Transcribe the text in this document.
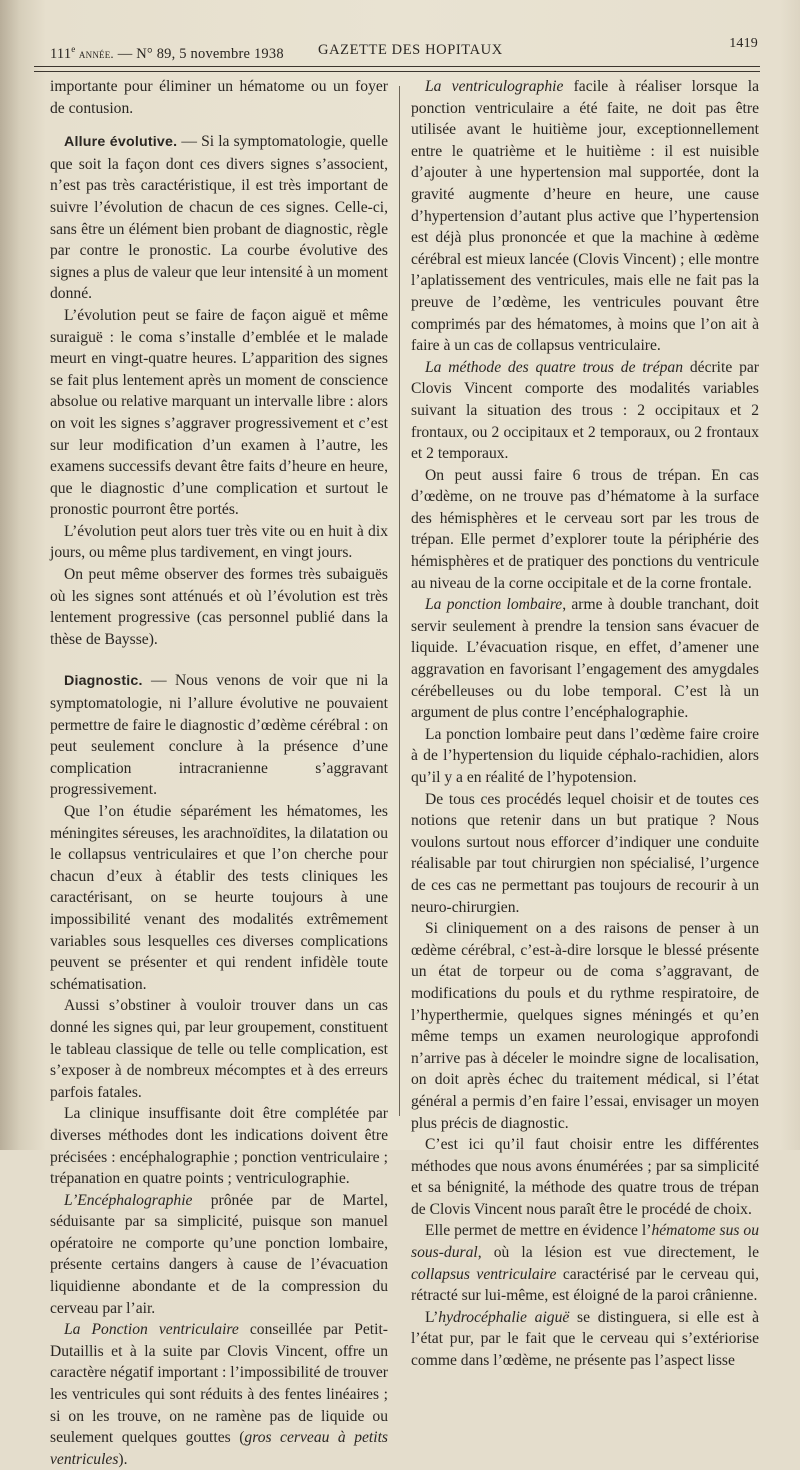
111e année. — N° 89, 5 novembre 1938 GAZETTE DES HOPITAUX	1419

importante pour éliminer un hématome ou un foyer de contusion.

Allure évolutive. — Si la symptomatologie, quelle que soit la façon dont ces divers signes s’associent, n’est pas très caractéristique, il est très important de suivre l’évolution de chacun de ces signes. Celle-ci, sans être un élément bien probant de diagnostic, règle par contre le pronostic. La courbe évolutive des signes a plus de valeur que leur intensité à un moment donné.

L’évolution peut se faire de façon aiguë et même suraiguë : le coma s’installe d’emblée et le malade meurt en vingt-quatre heures. L’apparition des signes se fait plus lentement après un moment de conscience absolue ou relative marquant un intervalle libre : alors on voit les signes s’aggraver progressivement et c’est sur leur modification d’un examen à l’autre, les examens successifs devant être faits d’heure en heure, que le diagnostic d’une complication et surtout le pronostic pourront être portés.

L’évolution peut alors tuer très vite ou en huit à dix jours, ou même plus tardivement, en vingt jours.

On peut même observer des formes très subaiguës où les signes sont atténués et où l’évolution est très lentement progressive (cas personnel publié dans la thèse de Baysse).

Diagnostic. — Nous venons de voir que ni la symptomatologie, ni l’allure évolutive ne pouvaient permettre de faire le diagnostic d’œdème cérébral : on peut seulement conclure à la présence d’une complication intracranienne s’aggravant progressivement.

Que l’on étudie séparément les hématomes, les méningites séreuses, les arachnoïdites, la dilatation ou le collapsus ventriculaires et que l’on cherche pour chacun d’eux à établir des tests cliniques les caractérisant, on se heurte toujours à une impossibilité venant des modalités extrêmement variables sous lesquelles ces diverses complications peuvent se présenter et qui rendent infidèle toute schématisation.

Aussi s’obstiner à vouloir trouver dans un cas donné les signes qui, par leur groupement, constituent le tableau classique de telle ou telle complication, est s’exposer à de nombreux mécomptes et à des erreurs parfois fatales.

La clinique insuffisante doit être complétée par diverses méthodes dont les indications doivent être précisées : encéphalographie ; ponction ventriculaire ; trépanation en quatre points ; ventriculographie.

L’Encéphalographie prônée par de Martel, séduisante par sa simplicité, puisque son manuel opératoire ne comporte qu’une ponction lombaire, présente certains dangers à cause de l’évacuation liquidienne abondante et de la compression du cerveau par l’air.

La Ponction ventriculaire conseillée par Petit-Dutaillis et à la suite par Clovis Vincent, offre un caractère négatif important : l’impossibilité de trouver les ventricules qui sont réduits à des fentes linéaires ; si on les trouve, on ne ramène pas de liquide ou seulement quelques gouttes (gros cerveau à petits ventricules).

La ventriculographie facile à réaliser lorsque la ponction ventriculaire a été faite, ne doit pas être utilisée avant le huitième jour, exceptionnellement entre le quatrième et le huitième : il est nuisible d’ajouter à une hypertension mal supportée, dont la gravité augmente d’heure en heure, une cause d’hypertension d’autant plus active que l’hypertension est déjà plus prononcée et que la machine à œdème cérébral est mieux lancée (Clovis Vincent) ; elle montre l’aplatissement des ventricules, mais elle ne fait pas la preuve de l’œdème, les ventricules pouvant être comprimés par des hématomes, à moins que l’on ait à faire à un cas de collapsus ventriculaire.

La méthode des quatre trous de trépan décrite par Clovis Vincent comporte des modalités variables suivant la situation des trous : 2 occipitaux et 2 frontaux, ou 2 occipitaux et 2 temporaux, ou 2 frontaux et 2 temporaux.

On peut aussi faire 6 trous de trépan. En cas d’œdème, on ne trouve pas d’hématome à la surface des hémisphères et le cerveau sort par les trous de trépan. Elle permet d’explorer toute la périphérie des hémisphères et de pratiquer des ponctions du ventricule au niveau de la corne occipitale et de la corne frontale.

La ponction lombaire, arme à double tranchant, doit servir seulement à prendre la tension sans évacuer de liquide. L’évacuation risque, en effet, d’amener une aggravation en favorisant l’engagement des amygdales cérébelleuses ou du lobe temporal. C’est là un argument de plus contre l’encéphalographie.

La ponction lombaire peut dans l’œdème faire croire à de l’hypertension du liquide céphalo-rachidien, alors qu’il y a en réalité de l’hypotension.

De tous ces procédés lequel choisir et de toutes ces notions que retenir dans un but pratique ? Nous voulons surtout nous efforcer d’indiquer une conduite réalisable par tout chirurgien non spécialisé, l’urgence de ces cas ne permettant pas toujours de recourir à un neuro-chirurgien.

Si cliniquement on a des raisons de penser à un œdème cérébral, c’est-à-dire lorsque le blessé présente un état de torpeur ou de coma s’aggravant, de modifications du pouls et du rythme respiratoire, de l’hyperthermie, quelques signes méningés et qu’en même temps un examen neurologique approfondi n’arrive pas à déceler le moindre signe de localisation, on doit après échec du traitement médical, si l’état général a permis d’en faire l’essai, envisager un moyen plus précis de diagnostic.

C’est ici qu’il faut choisir entre les différentes méthodes que nous avons énumérées ; par sa simplicité et sa bénignité, la méthode des quatre trous de trépan de Clovis Vincent nous paraît être le procédé de choix.

Elle permet de mettre en évidence l’hématome sus ou sous-dural, où la lésion est vue directement, le collapsus ventriculaire caractérisé par le cerveau qui, rétracté sur lui-même, est éloigné de la paroi crânienne.

L’hydrocéphalie aiguë se distinguera, si elle est à l’état pur, par le fait que le cerveau qui s’extériorise comme dans l’œdème, ne présente pas l’aspect lisse
